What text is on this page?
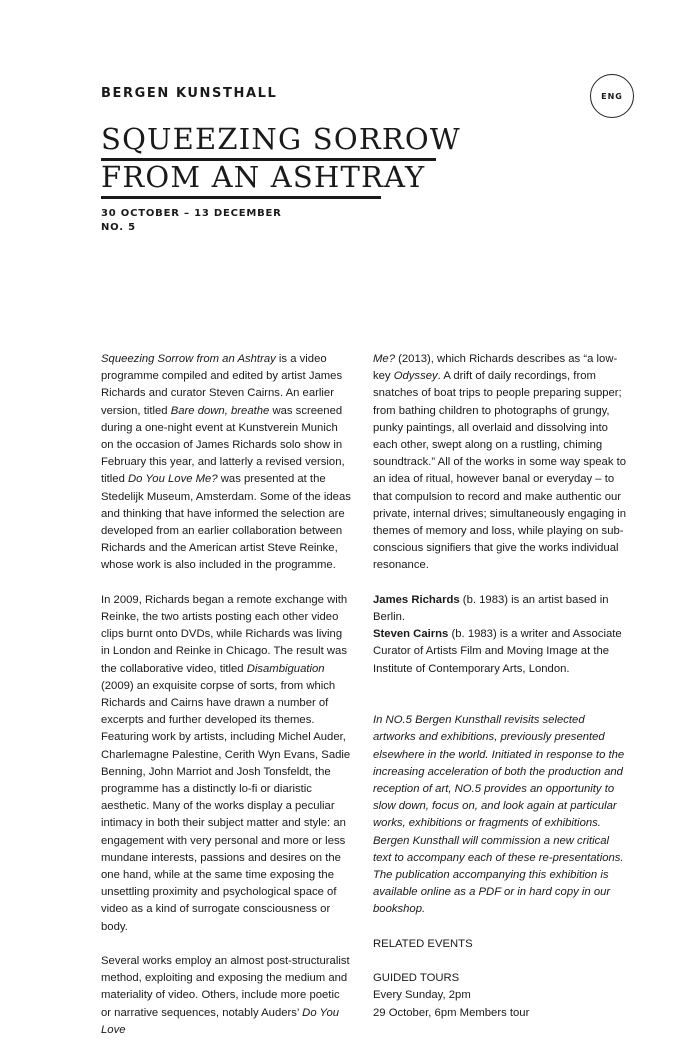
BERGEN KUNSTHALL	ENG
SQUEEZING SORROW
FROM AN ASHTRAY
30 OCTOBER – 13 DECEMBER
NO. 5

Squeezing Sorrow from an Ashtray is a video programme compiled and edited by artist James Richards and curator Steven Cairns. An earlier version, titled Bare down, breathe was screened during a one-night event at Kunstverein Munich on the occasion of James Richards solo show in February this year, and latterly a revised version, titled Do You Love Me? was presented at the Stedelijk Museum, Amsterdam. Some of the ideas and thinking that have informed the selection are developed from an earlier collaboration between Richards and the American artist Steve Reinke, whose work is also included in the programme.

In 2009, Richards began a remote exchange with Reinke, the two artists posting each other video clips burnt onto DVDs, while Richards was living in London and Reinke in Chicago. The result was the collaborative video, titled Disambiguation (2009) an exquisite corpse of sorts, from which Richards and Cairns have drawn a number of excerpts and further developed its themes. Featuring work by artists, including Michel Auder, Charlemagne Palestine, Cerith Wyn Evans, Sadie Benning, John Marriot and Josh Tonsfeldt, the programme has a distinctly lo-fi or diaristic aesthetic. Many of the works display a peculiar intimacy in both their subject matter and style: an engagement with very personal and more or less mundane interests, passions and desires on the one hand, while at the same time exposing the unsettling proximity and psychological space of video as a kind of surrogate consciousness or body.

Several works employ an almost post-structuralist method, exploiting and exposing the medium and materiality of video. Others, include more poetic or narrative sequences, notably Auders’ Do You Love

Me? (2013), which Richards describes as “a low-key Odyssey. A drift of daily recordings, from snatches of boat trips to people preparing supper; from bathing children to photographs of grungy, punky paintings, all overlaid and dissolving into each other, swept along on a rustling, chiming soundtrack.” All of the works in some way speak to an idea of ritual, however banal or everyday – to that compulsion to record and make authentic our private, internal drives; simultaneously engaging in themes of memory and loss, while playing on sub-conscious signifiers that give the works individual resonance.

James Richards (b. 1983) is an artist based in Berlin.
Steven Cairns (b. 1983) is a writer and Associate Curator of Artists Film and Moving Image at the Institute of Contemporary Arts, London.

In NO.5 Bergen Kunsthall revisits selected artworks and exhibitions, previously presented elsewhere in the world. Initiated in response to the increasing acceleration of both the production and reception of art, NO.5 provides an opportunity to slow down, focus on, and look again at particular works, exhibitions or fragments of exhibitions. Bergen Kunsthall will commission a new critical text to accompany each of these re-presentations. The publication accompanying this exhibition is available online as a PDF or in hard copy in our bookshop.

RELATED EVENTS

GUIDED TOURS
Every Sunday, 2pm
29 October, 6pm Members tour
